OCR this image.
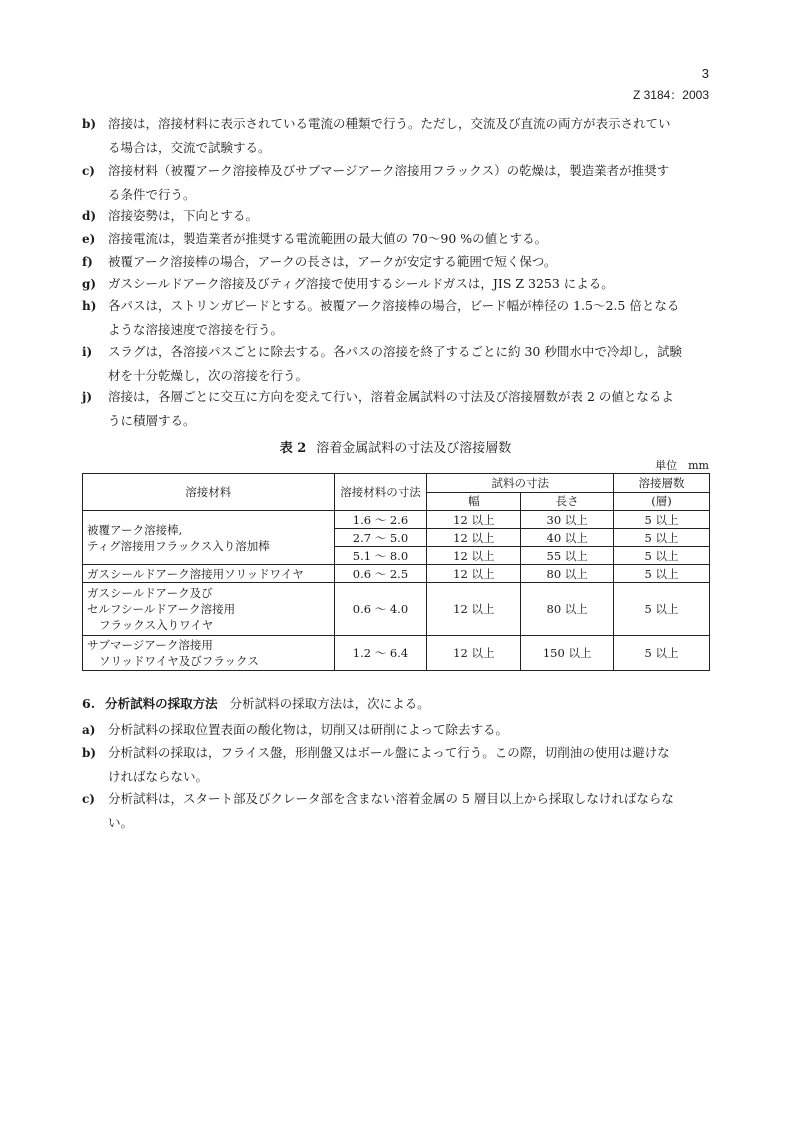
3
Z 3184：2003
b) 溶接は，溶接材料に表示されている電流の種類で行う。ただし，交流及び直流の両方が表示されてい
る場合は，交流で試験する。
c) 溶接材料（被覆アーク溶接棒及びサブマージアーク溶接用フラックス）の乾燥は，製造業者が推奨す
る条件で行う。
d) 溶接姿勢は，下向とする。
e) 溶接電流は，製造業者が推奨する電流範囲の最大値の 70〜90 %の値とする。
f) 被覆アーク溶接棒の場合，アークの長さは，アークが安定する範囲で短く保つ。
g) ガスシールドアーク溶接及びティグ溶接で使用するシールドガスは，JIS Z 3253 による。
h) 各パスは，ストリンガビードとする。被覆アーク溶接棒の場合，ビード幅が棒径の 1.5〜2.5 倍となる
ような溶接速度で溶接を行う。
i) スラグは，各溶接パスごとに除去する。各パスの溶接を終了するごとに約 30 秒間水中で冷却し，試験
材を十分乾燥し，次の溶接を行う。
j) 溶接は，各層ごとに交互に方向を変えて行い，溶着金属試料の寸法及び溶接層数が表 2 の値となるよ
うに積層する。
表 2 溶着金属試料の寸法及び溶接層数
単位　mm
溶接材料	溶接材料の寸法	試料の寸法		溶接層数
		幅	長さ	(層)

被覆アーク溶接棒,
ティグ溶接用フラックス入り溶加棒	1.6 〜 2.6	12 以上	30 以上	5 以上
	2.7 〜 5.0	12 以上	40 以上	5 以上
	5.1 〜 8.0	12 以上	55 以上	5 以上

ガスシールドアーク溶接用ソリッドワイヤ	0.6 〜 2.5	12 以上	80 以上	5 以上

ガスシールドアーク及び
セルフシールドアーク溶接用
フラックス入りワイヤ	0.6 〜 4.0	12 以上	80 以上	5 以上

サブマージアーク溶接用
ソリッドワイヤ及びフラックス	1.2 〜 6.4	12 以上	150 以上	5 以上
6. 分析試料の採取方法 分析試料の採取方法は，次による。
a) 分析試料の採取位置表面の酸化物は，切削又は研削によって除去する。
b) 分析試料の採取は，フライス盤，形削盤又はボール盤によって行う。この際，切削油の使用は避けな
ければならない。
c) 分析試料は，スタート部及びクレータ部を含まない溶着金属の 5 層目以上から採取しなければならな
い。
